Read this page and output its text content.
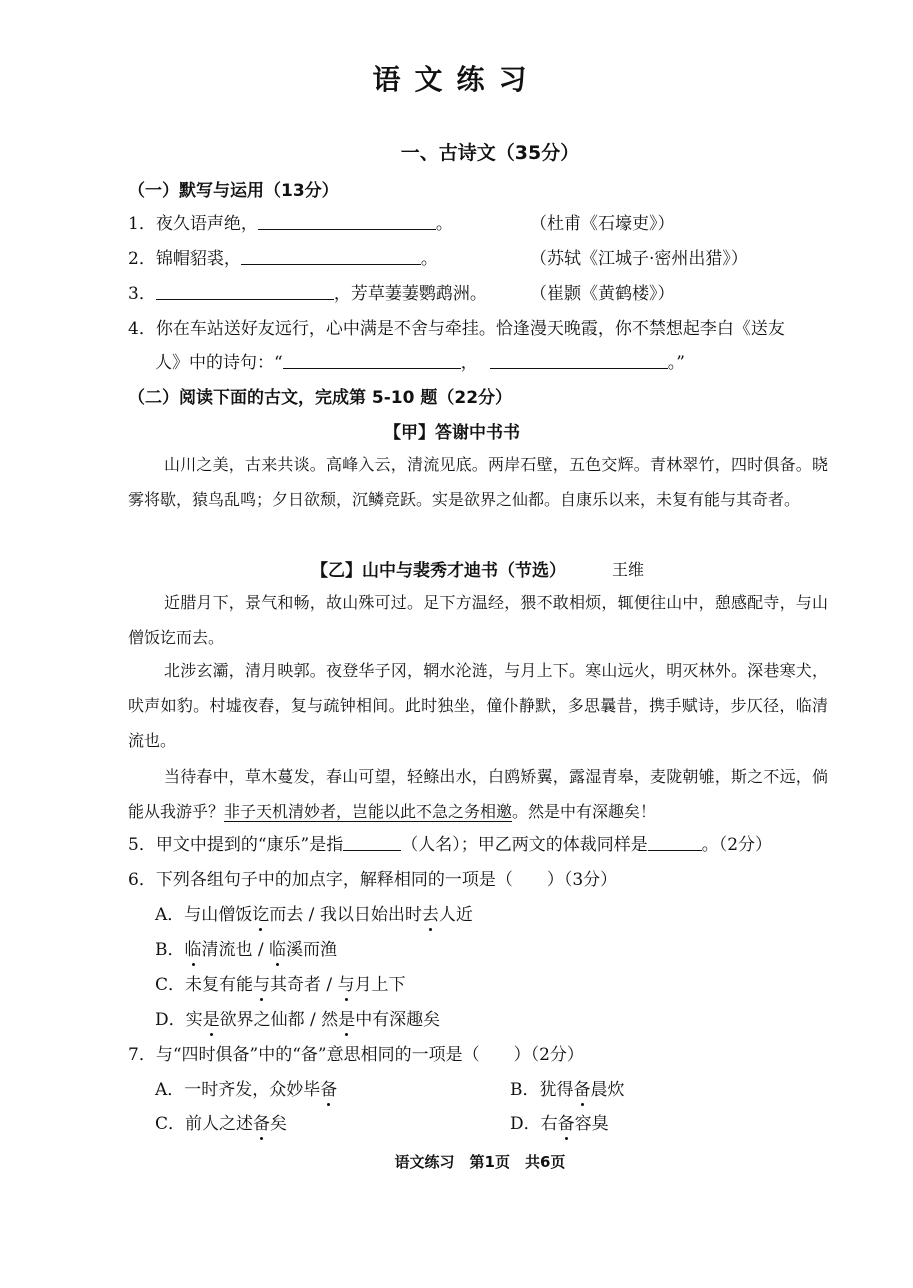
语文练习
一、古诗文（35分）
（一）默写与运用（13分）
1．夜久语声绝，	。	（杜甫《石壕吏》）
2．锦帽貂裘，	。	（苏轼《江城子·密州出猎》）
3．	，芳草萋萋鹦鹉洲。	（崔颢《黄鹤楼》）
4．你在车站送好友远行，心中满是不舍与牵挂。恰逢漫天晚霞，你不禁想起李白《送友
人》中的诗句：“	，	。”
（二）阅读下面的古文，完成第 5-10 题（22分）
【甲】答谢中书书
山川之美，古来共谈。高峰入云，清流见底。两岸石壁，五色交辉。青林翠竹，四时俱备。晓雾将歇，猿鸟乱鸣；夕日欲颓，沉鳞竞跃。实是欲界之仙都。自康乐以来，未复有能与其奇者。
【乙】山中与裴秀才迪书（节选）	王维
近腊月下，景气和畅，故山殊可过。足下方温经，猥不敢相烦，辄便往山中，憩感配寺，与山僧饭讫而去。
北涉玄灞，清月映郭。夜登华子冈，辋水沦涟，与月上下。寒山远火，明灭林外。深巷寒犬，吠声如豹。村墟夜舂，复与疏钟相间。此时独坐，僮仆静默，多思曩昔，携手赋诗，步仄径，临清流也。
当待春中，草木蔓发，春山可望，轻鲦出水，白鸥矫翼，露湿青皋，麦陇朝雊，斯之不远，倘能从我游乎？非子天机清妙者，岂能以此不急之务相邀。然是中有深趣矣！
5．甲文中提到的“康乐”是指	（人名）；甲乙两文的体裁同样是	。（2分）
6．下列各组句子中的加点字，解释相同的一项是（　　）（3分）
A．与山僧饭讫而去 / 我以日始出时去人近
B．临清流也 / 临溪而渔
C．未复有能与其奇者 / 与月上下
D．实是欲界之仙都 / 然是中有深趣矣
7．与“四时俱备”中的“备”意思相同的一项是（　　）（2分）
A．一时齐发，众妙毕备	B．犹得备晨炊
C．前人之述备矣	D．右备容臭
语文练习　第1页　共6页
